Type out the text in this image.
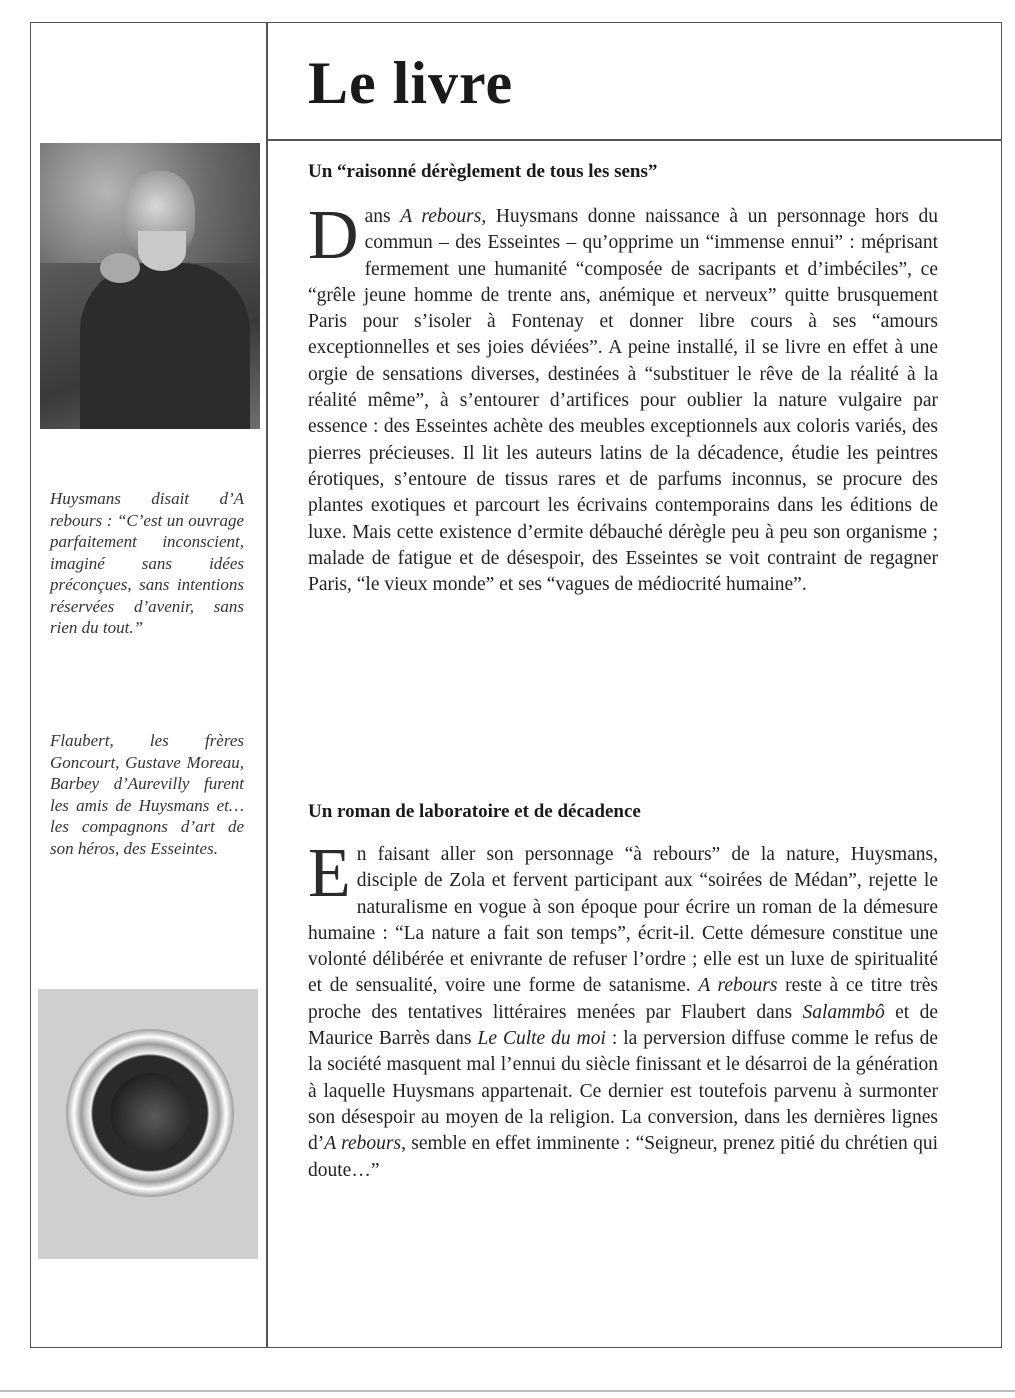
Le livre

Huysmans disait d’A rebours : “C’est un ouvrage parfaitement inconscient, imaginé sans idées préconçues, sans intentions réservées d’avenir, sans rien du tout.”

Flaubert, les frères Goncourt, Gustave Moreau, Barbey d’Aurevilly furent les amis de Huysmans et… les compagnons d’art de son héros, des Esseintes.

Un “raisonné dérèglement de tous les sens”

Dans A rebours, Huysmans donne naissance à un personnage hors du commun – des Esseintes – qu’opprime un “immense ennui” : méprisant fermement une humanité “composée de sacripants et d’imbéciles”, ce “grêle jeune homme de trente ans, anémique et nerveux” quitte brusquement Paris pour s’isoler à Fontenay et donner libre cours à ses “amours exceptionnelles et ses joies déviées”. A peine installé, il se livre en effet à une orgie de sensations diverses, destinées à “substituer le rêve de la réalité à la réalité même”, à s’entourer d’artifices pour oublier la nature vulgaire par essence : des Esseintes achète des meubles exceptionnels aux coloris variés, des pierres précieuses. Il lit les auteurs latins de la décadence, étudie les peintres érotiques, s’entoure de tissus rares et de parfums inconnus, se procure des plantes exotiques et parcourt les écrivains contemporains dans les éditions de luxe. Mais cette existence d’ermite débauché dérègle peu à peu son organisme ; malade de fatigue et de désespoir, des Esseintes se voit contraint de regagner Paris, “le vieux monde” et ses “vagues de médiocrité humaine”.

Un roman de laboratoire et de décadence

En faisant aller son personnage “à rebours” de la nature, Huysmans, disciple de Zola et fervent participant aux “soirées de Médan”, rejette le naturalisme en vogue à son époque pour écrire un roman de la démesure humaine : “La nature a fait son temps”, écrit-il. Cette démesure constitue une volonté délibérée et enivrante de refuser l’ordre ; elle est un luxe de spiritualité et de sensualité, voire une forme de satanisme. A rebours reste à ce titre très proche des tentatives littéraires menées par Flaubert dans Salammbô et de Maurice Barrès dans Le Culte du moi : la perversion diffuse comme le refus de la société masquent mal l’ennui du siècle finissant et le désarroi de la génération à laquelle Huysmans appartenait. Ce dernier est toutefois parvenu à surmonter son désespoir au moyen de la religion. La conversion, dans les dernières lignes d’A rebours, semble en effet imminente : “Seigneur, prenez pitié du chrétien qui doute…”
